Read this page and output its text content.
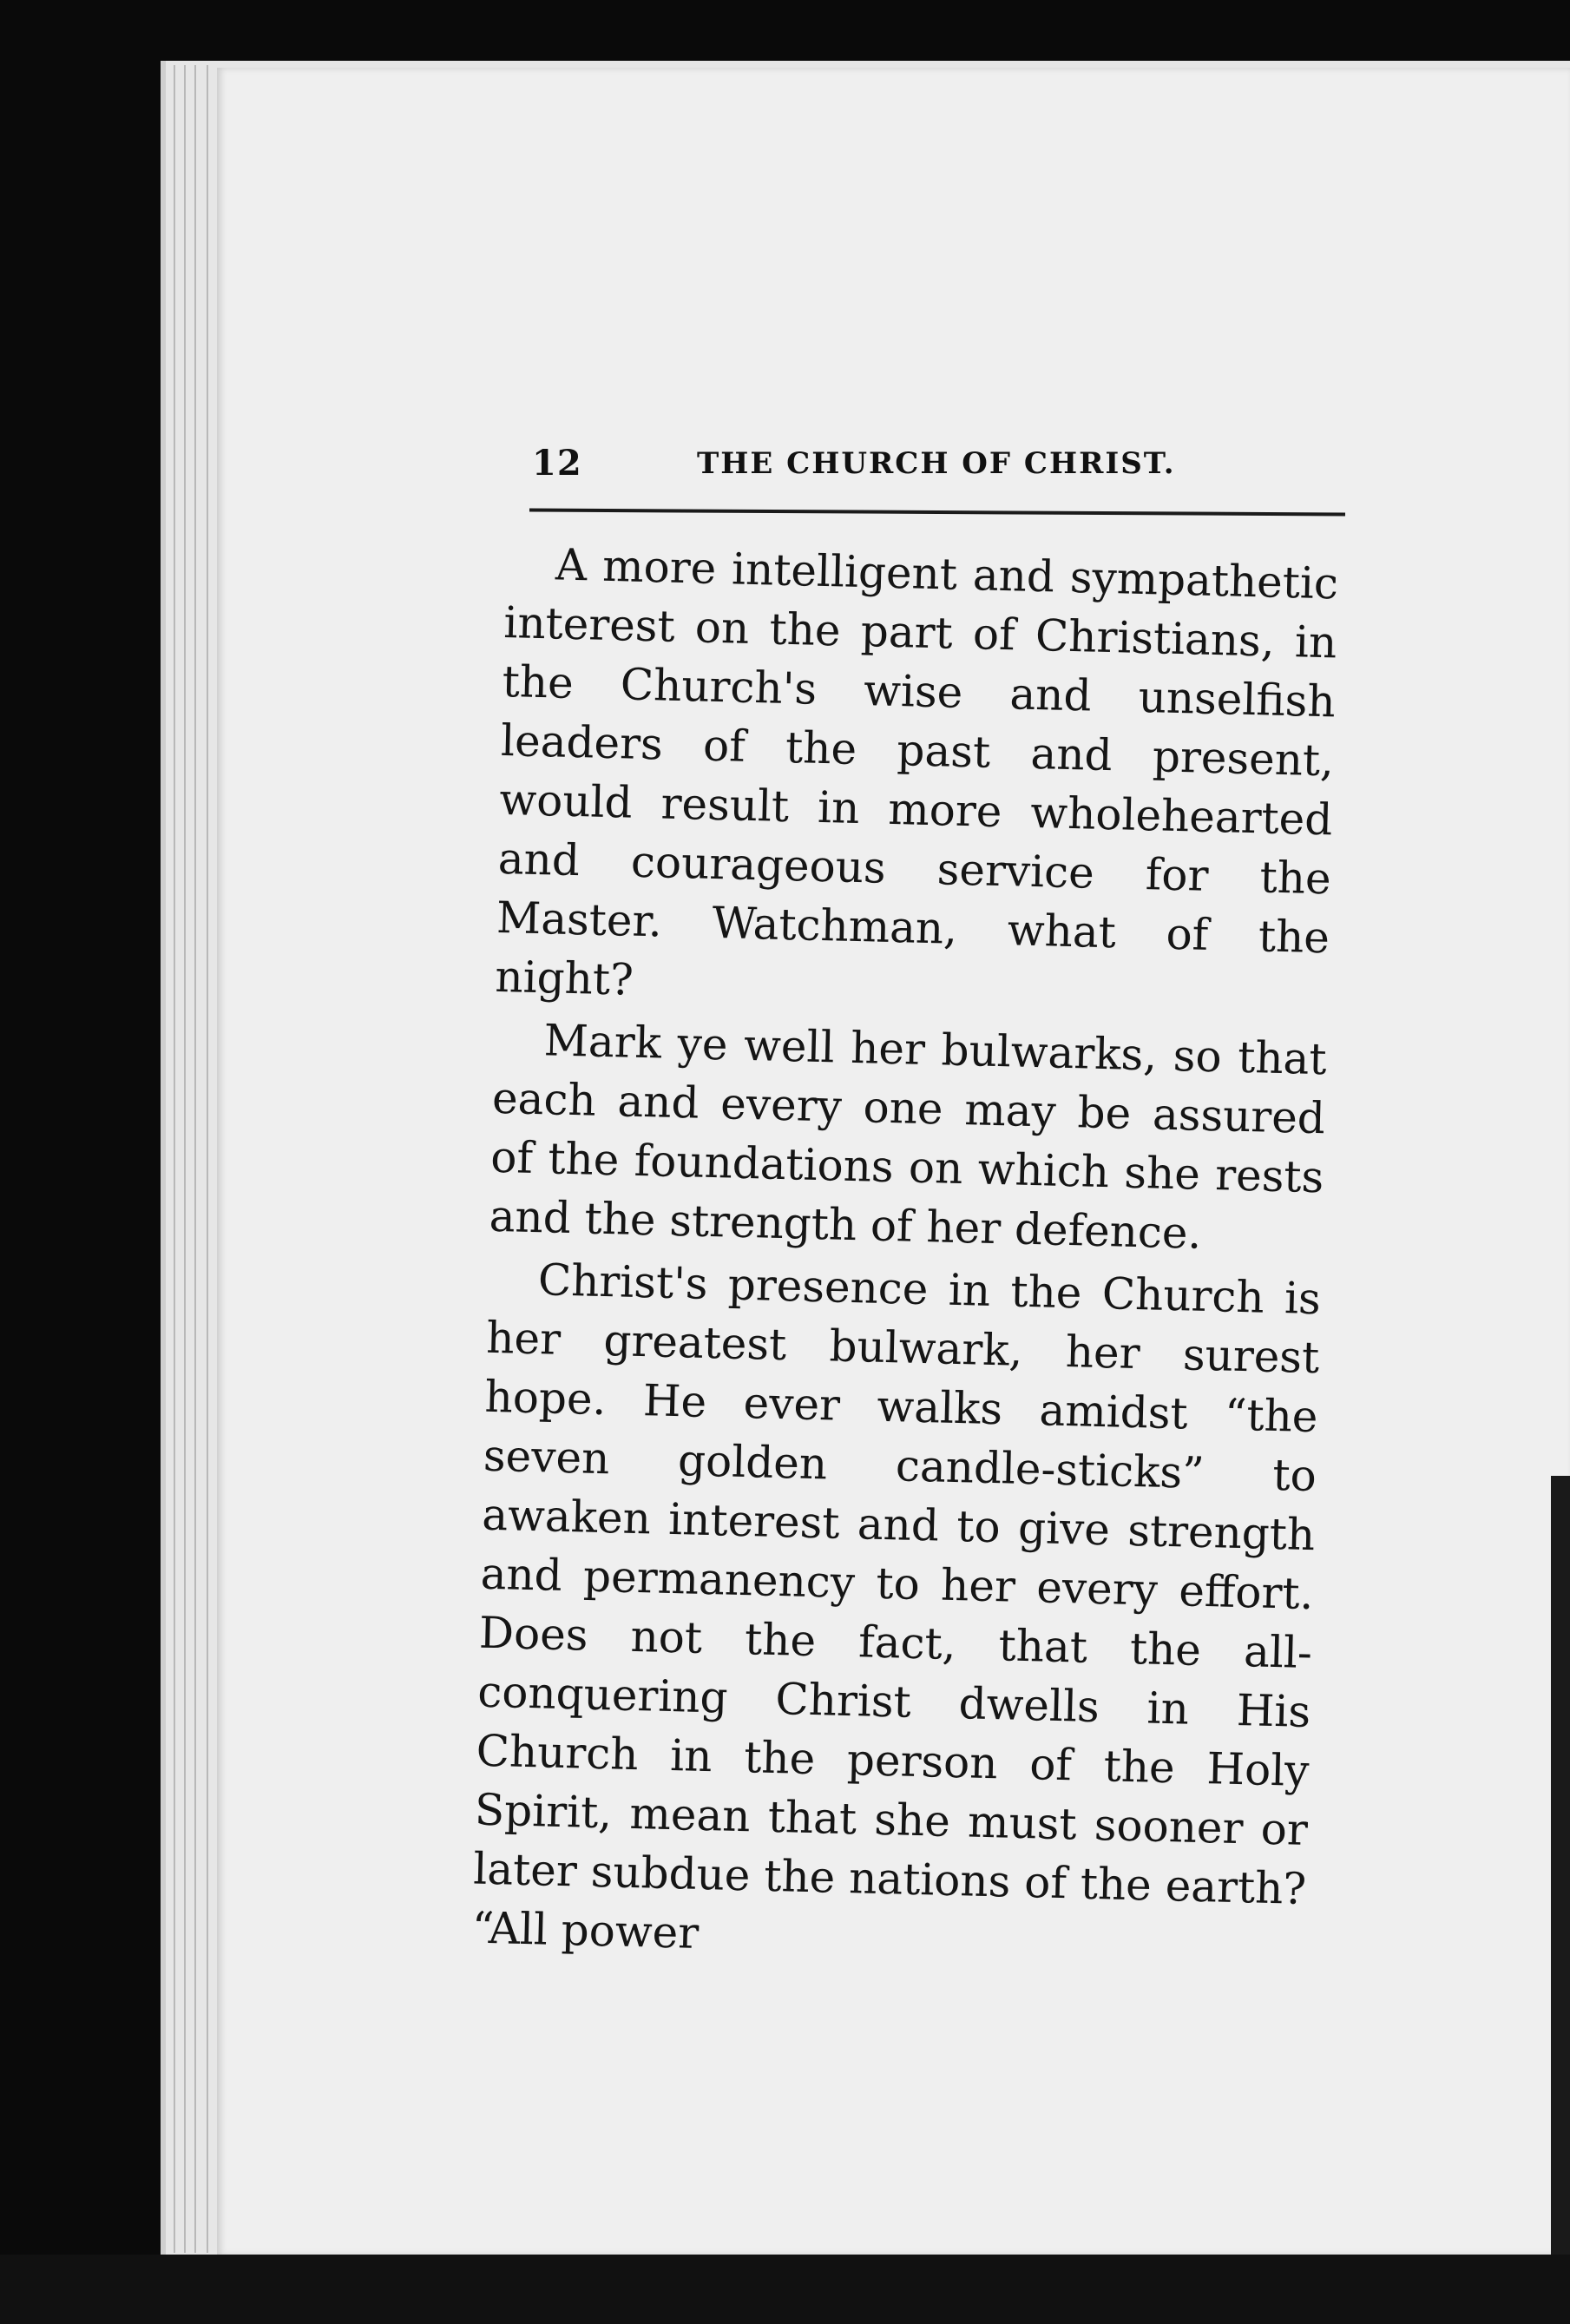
12	THE CHURCH OF CHRIST.

A more intelligent and sympathetic interest on the part of Christians, in the Church's wise and unselfish leaders of the past and present, would result in more wholehearted and courageous service for the Master. Watchman, what of the night?

Mark ye well her bulwarks, so that each and every one may be assured of the foundations on which she rests and the strength of her defence.

Christ's presence in the Church is her greatest bulwark, her surest hope. He ever walks amidst “the seven golden candle-sticks” to awaken interest and to give strength and permanency to her every effort. Does not the fact, that the all-conquering Christ dwells in His Church in the person of the Holy Spirit, mean that she must sooner or later subdue the nations of the earth? “All power
